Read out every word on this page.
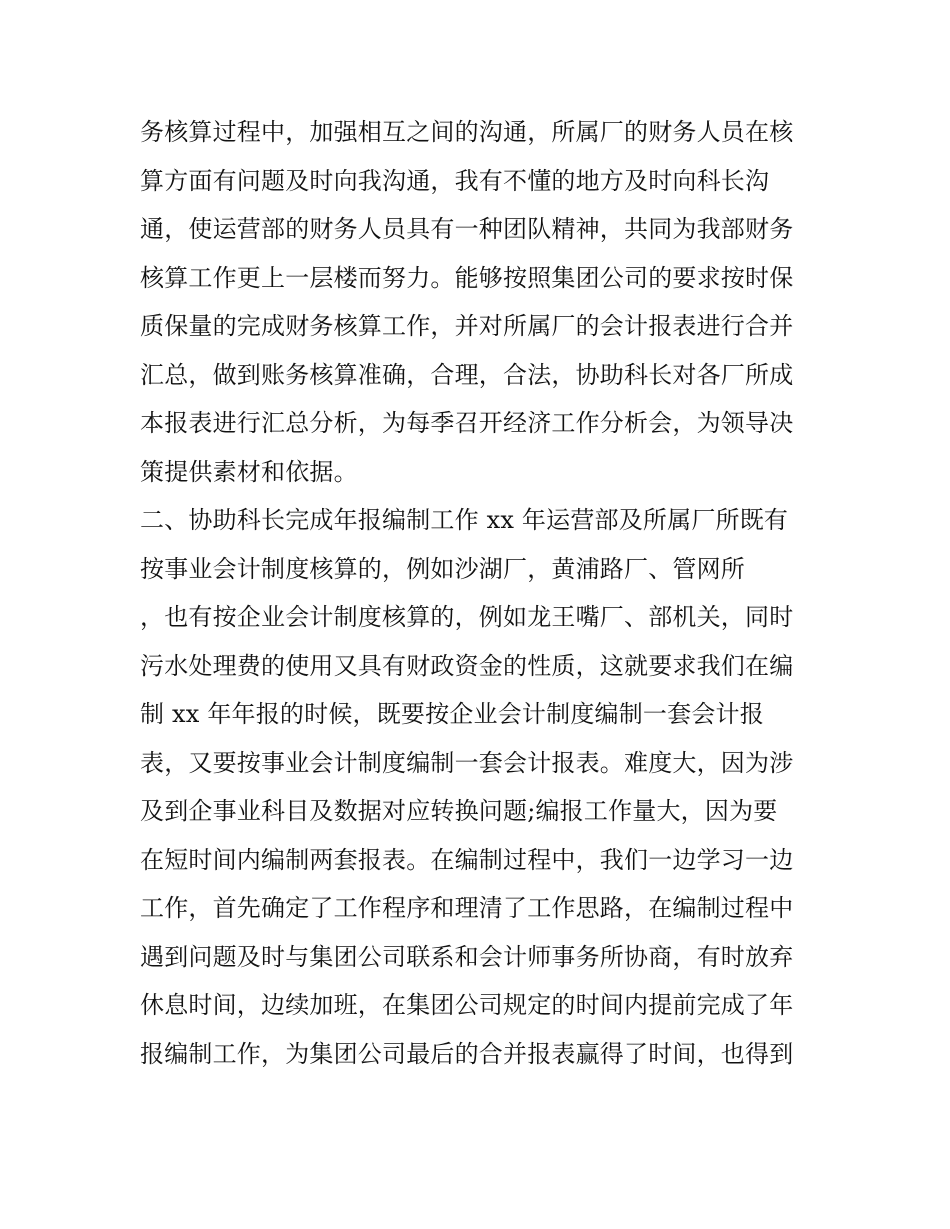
务核算过程中，加强相互之间的沟通，所属厂的财务人员在核
算方面有问题及时向我沟通，我有不懂的地方及时向科长沟
通，使运营部的财务人员具有一种团队精神，共同为我部财务
核算工作更上一层楼而努力。能够按照集团公司的要求按时保
质保量的完成财务核算工作，并对所属厂的会计报表进行合并
汇总，做到账务核算准确，合理，合法，协助科长对各厂所成
本报表进行汇总分析，为每季召开经济工作分析会，为领导决
策提供素材和依据。
二、协助科长完成年报编制工作 xx 年运营部及所属厂所既有
按事业会计制度核算的，例如沙湖厂，黄浦路厂、管网所
，也有按企业会计制度核算的，例如龙王嘴厂、部机关，同时
污水处理费的使用又具有财政资金的性质，这就要求我们在编
制 xx 年年报的时候，既要按企业会计制度编制一套会计报
表，又要按事业会计制度编制一套会计报表。难度大，因为涉
及到企事业科目及数据对应转换问题;编报工作量大，因为要
在短时间内编制两套报表。在编制过程中，我们一边学习一边
工作，首先确定了工作程序和理清了工作思路，在编制过程中
遇到问题及时与集团公司联系和会计师事务所协商，有时放弃
休息时间，边续加班，在集团公司规定的时间内提前完成了年
报编制工作，为集团公司最后的合并报表赢得了时间，也得到
